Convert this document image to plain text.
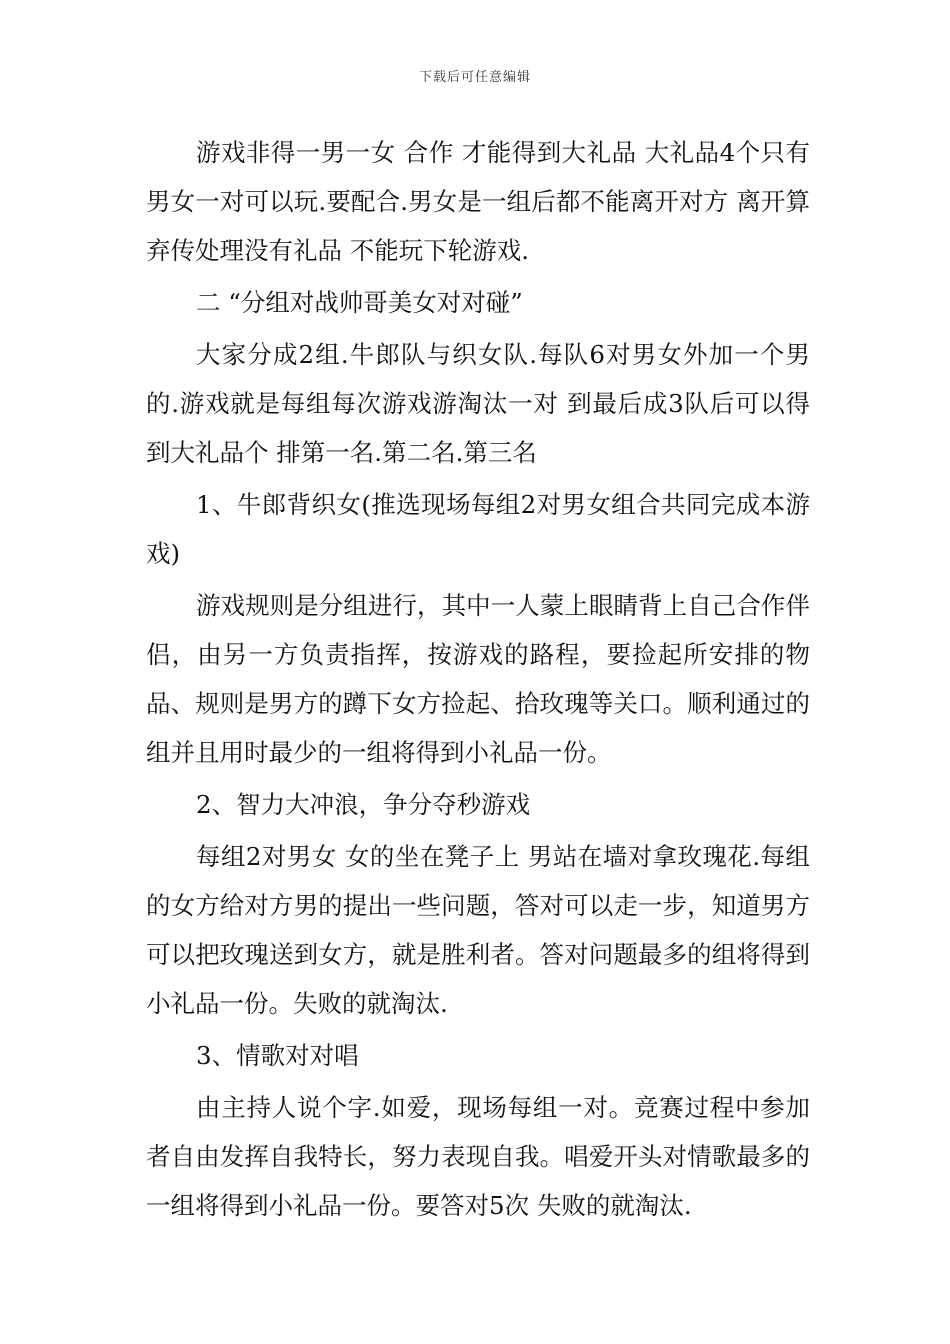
下载后可任意编辑

游戏非得一男一女 合作 才能得到大礼品 大礼品4个只有男女一对可以玩.要配合.男女是一组后都不能离开对方 离开算弃传处理没有礼品 不能玩下轮游戏.

二 “分组对战帅哥美女对对碰”

大家分成2组.牛郎队与织女队.每队6对男女外加一个男的.游戏就是每组每次游戏游淘汰一对 到最后成3队后可以得到大礼品个 排第一名.第二名.第三名

1、牛郎背织女(推选现场每组2对男女组合共同完成本游戏)

游戏规则是分组进行，其中一人蒙上眼睛背上自己合作伴侣，由另一方负责指挥，按游戏的路程，要捡起所安排的物品、规则是男方的蹲下女方捡起、拾玫瑰等关口。顺利通过的组并且用时最少的一组将得到小礼品一份。

2、智力大冲浪，争分夺秒游戏

每组2对男女 女的坐在凳子上 男站在墙对拿玫瑰花.每组的女方给对方男的提出一些问题，答对可以走一步，知道男方可以把玫瑰送到女方，就是胜利者。答对问题最多的组将得到小礼品一份。失败的就淘汰.

3、情歌对对唱

由主持人说个字.如爱，现场每组一对。竞赛过程中参加者自由发挥自我特长，努力表现自我。唱爱开头对情歌最多的一组将得到小礼品一份。要答对5次 失败的就淘汰.
